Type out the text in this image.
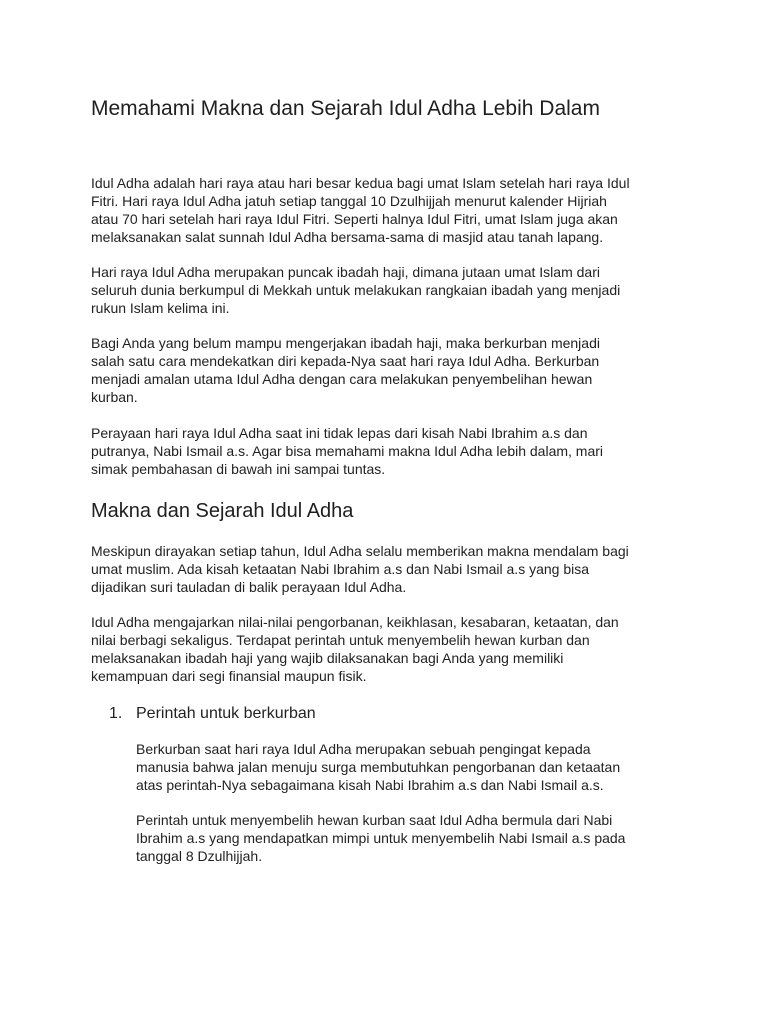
Memahami Makna dan Sejarah Idul Adha Lebih Dalam

Idul Adha adalah hari raya atau hari besar kedua bagi umat Islam setelah hari raya Idul
Fitri. Hari raya Idul Adha jatuh setiap tanggal 10 Dzulhijjah menurut kalender Hijriah
atau 70 hari setelah hari raya Idul Fitri. Seperti halnya Idul Fitri, umat Islam juga akan
melaksanakan salat sunnah Idul Adha bersama-sama di masjid atau tanah lapang.

Hari raya Idul Adha merupakan puncak ibadah haji, dimana jutaan umat Islam dari
seluruh dunia berkumpul di Mekkah untuk melakukan rangkaian ibadah yang menjadi
rukun Islam kelima ini.

Bagi Anda yang belum mampu mengerjakan ibadah haji, maka berkurban menjadi
salah satu cara mendekatkan diri kepada-Nya saat hari raya Idul Adha. Berkurban
menjadi amalan utama Idul Adha dengan cara melakukan penyembelihan hewan
kurban.

Perayaan hari raya Idul Adha saat ini tidak lepas dari kisah Nabi Ibrahim a.s dan
putranya, Nabi Ismail a.s. Agar bisa memahami makna Idul Adha lebih dalam, mari
simak pembahasan di bawah ini sampai tuntas.

Makna dan Sejarah Idul Adha

Meskipun dirayakan setiap tahun, Idul Adha selalu memberikan makna mendalam bagi
umat muslim. Ada kisah ketaatan Nabi Ibrahim a.s dan Nabi Ismail a.s yang bisa
dijadikan suri tauladan di balik perayaan Idul Adha.

Idul Adha mengajarkan nilai-nilai pengorbanan, keikhlasan, kesabaran, ketaatan, dan
nilai berbagi sekaligus. Terdapat perintah untuk menyembelih hewan kurban dan
melaksanakan ibadah haji yang wajib dilaksanakan bagi Anda yang memiliki
kemampuan dari segi finansial maupun fisik.

1. Perintah untuk berkurban

Berkurban saat hari raya Idul Adha merupakan sebuah pengingat kepada
manusia bahwa jalan menuju surga membutuhkan pengorbanan dan ketaatan
atas perintah-Nya sebagaimana kisah Nabi Ibrahim a.s dan Nabi Ismail a.s.

Perintah untuk menyembelih hewan kurban saat Idul Adha bermula dari Nabi
Ibrahim a.s yang mendapatkan mimpi untuk menyembelih Nabi Ismail a.s pada
tanggal 8 Dzulhijjah.
